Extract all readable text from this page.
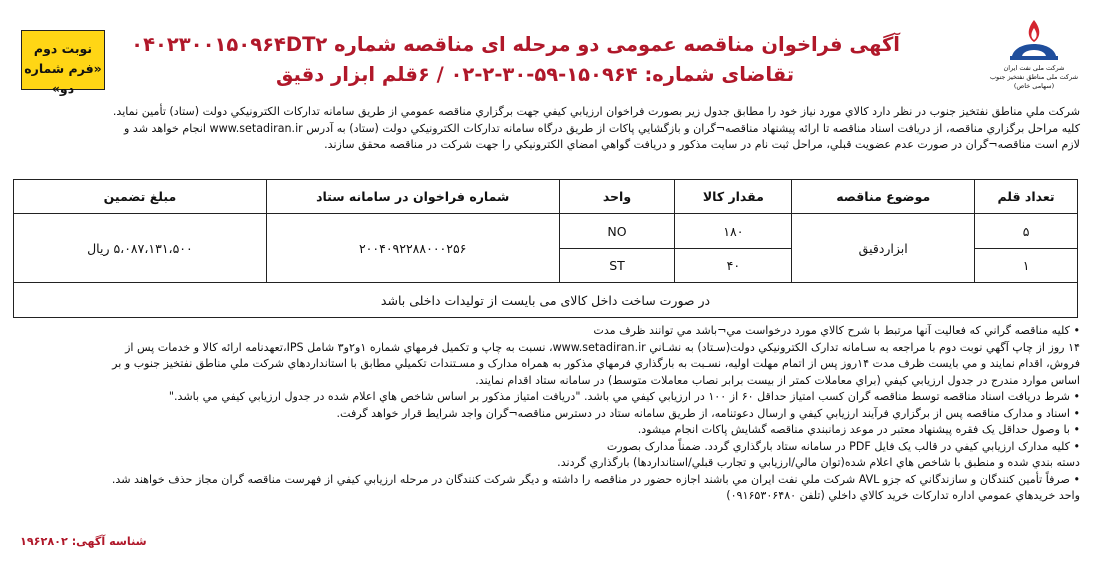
شرکت ملی نفت ایران
شرکت ملی مناطق نفتخیز جنوب
(سهامی خاص)
آگهی فراخوان مناقصه عمومی دو مرحله ای مناقصه شماره ۰۴۰۲۳۰۰۱۵۰۹۶۴DT۲
تقاضای شماره: ۱۵۰۹۶۴-۵۹-۳۰-۲-۰۲ / ۶قلم ابزار دقیق
نوبت دوم
«فرم شماره دو»

شرکت ملي مناطق نفتخيز جنوب در نظر دارد کالاي مورد نياز خود را مطابق جدول زير بصورت فراخوان ارزيابي کيفي جهت برگزاري مناقصه عمومي از طريق سامانه تدارکات الکترونيکي دولت (ستاد) تأمين نمايد.

کليه مراحل برگزاري مناقصه، از دريافت اسناد مناقصه تا ارائه پيشنهاد مناقصه¬گران و بازگشايي پاکات از طريق درگاه سامانه تدارکات الکترونيکي دولت (ستاد) به آدرس www.setadiran.ir انجام خواهد شد و

لازم است مناقصه¬گران در صورت عدم عضويت قبلي، مراحل ثبت نام در سايت مذکور و دريافت گواهي امضاي الکترونيکي را جهت شرکت در مناقصه محقق سازند.

تعداد قلم	موضوع مناقصه	مقدار کالا	واحد	شماره فراخوان در سامانه ستاد	مبلغ تضمین
۵	ابزاردقیق	۱۸۰	NO	۲۰۰۴۰۹۲۲۸۸۰۰۰۲۵۶	۵،۰۸۷،۱۳۱،۵۰۰ ریال
۱		۴۰	ST		
در صورت ساخت داخل کالای می بایست از تولیدات داخلی باشد					

• کليه مناقصه گراني که فعاليت آنها مرتبط با شرح کالاي مورد درخواست مي¬باشد مي توانند ظرف مدت

۱۴ روز از چاپ آگهي نوبت دوم با مراجعه به سـامانه تدارک الکترونيکي دولت(سـتاد) به نشـاني www.setadiran.ir، نسبت به چاپ و تکميل فرمهاي شماره ۱و۲و۳ شامل IPS،تعهدنامه ارائه کالا و خدمات پس از

فروش، اقدام نمايند و مي بايست ظرف مدت ۱۴روز پس از اتمام مهلت اوليه، نسـبت به بارگذاري فرمهاي مذکور به همراه مدارک و مسـتندات تکميلي مطابق با استانداردهاي شرکت ملي مناطق نفتخيز جنوب و بر

اساس موارد مندرج در جدول ارزيابي کيفي (براي معاملات کمتر از بيست برابر نصاب معاملات متوسط) در سامانه ستاد اقدام نمايند.

• شرط دريافت اسناد مناقصه توسط مناقصه گران کسب امتياز حداقل ۶۰ از ۱۰۰ در ارزيابي کيفي مي باشد. "دريافت امتياز مذکور بر اساس شاخص هاي اعلام شده در جدول ارزيابي کيفي مي باشد."

• اسناد و مدارک مناقصه پس از برگزاري فرآيند ارزيابي کيفي و ارسال دعوتنامه، از طريق سامانه ستاد در دسترس مناقصه¬گران واجد شرايط قرار خواهد گرفت.

• با وصول حداقل يک فقره پيشنهاد معتبر در موعد زمانبندي مناقصه گشايش پاکات انجام ميشود.

• کليه مدارک ارزيابي کيفي در قالب يک فايل PDF در سامانه ستاد بارگذاري گردد. ضمناً مدارک بصورت

دسته بندي شده و منطبق با شاخص هاي اعلام شده(توان مالي/ارزيابي و تجارب قبلي/استانداردها) بارگذاري گردند.

• صرفاً تأمين کنندگان و سازندگاني که جزو AVL شرکت ملي نفت ايران مي باشند اجازه حضور در مناقصه را داشته و ديگر شرکت کنندگان در مرحله ارزيابي کيفي از فهرست مناقصه گران مجاز حذف خواهند شد.

واحد خريدهاي عمومي اداره تدارکات خريد کالاي داخلي (تلفن ۰۹۱۶۵۳۰۶۴۸۰)

شناسه آگهی: ۱۹۶۲۸۰۲
